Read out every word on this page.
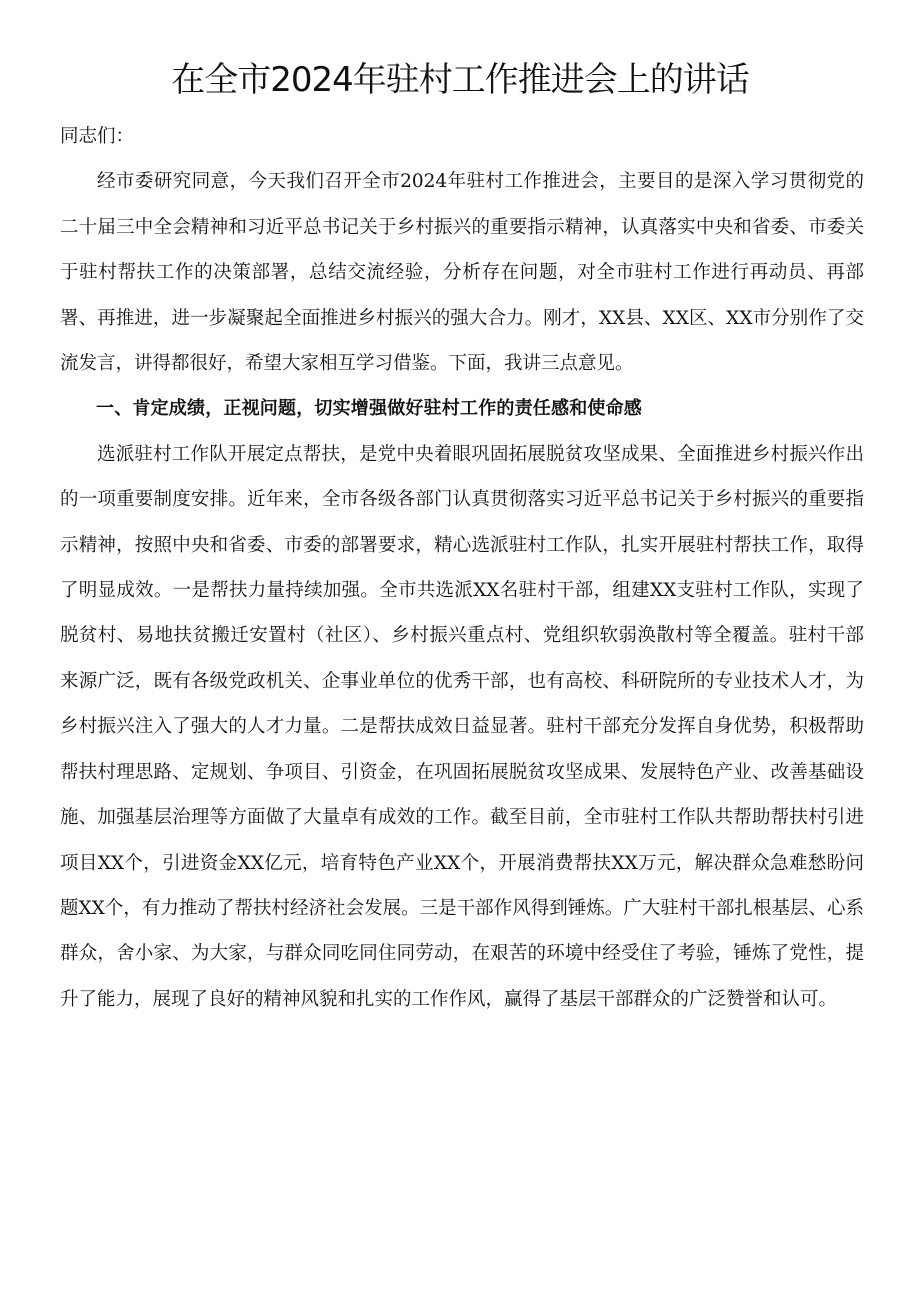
在全市2024年驻村工作推进会上的讲话

同志们：

经市委研究同意，今天我们召开全市2024年驻村工作推进会，主要目的是深入学习贯彻党的二十届三中全会精神和习近平总书记关于乡村振兴的重要指示精神，认真落实中央和省委、市委关于驻村帮扶工作的决策部署，总结交流经验，分析存在问题，对全市驻村工作进行再动员、再部署、再推进，进一步凝聚起全面推进乡村振兴的强大合力。刚才，XX县、XX区、XX市分别作了交流发言，讲得都很好，希望大家相互学习借鉴。下面，我讲三点意见。

一、肯定成绩，正视问题，切实增强做好驻村工作的责任感和使命感

选派驻村工作队开展定点帮扶，是党中央着眼巩固拓展脱贫攻坚成果、全面推进乡村振兴作出的一项重要制度安排。近年来，全市各级各部门认真贯彻落实习近平总书记关于乡村振兴的重要指示精神，按照中央和省委、市委的部署要求，精心选派驻村工作队，扎实开展驻村帮扶工作，取得了明显成效。一是帮扶力量持续加强。全市共选派XX名驻村干部，组建XX支驻村工作队，实现了脱贫村、易地扶贫搬迁安置村（社区）、乡村振兴重点村、党组织软弱涣散村等全覆盖。驻村干部来源广泛，既有各级党政机关、企事业单位的优秀干部，也有高校、科研院所的专业技术人才，为乡村振兴注入了强大的人才力量。二是帮扶成效日益显著。驻村干部充分发挥自身优势，积极帮助帮扶村理思路、定规划、争项目、引资金，在巩固拓展脱贫攻坚成果、发展特色产业、改善基础设施、加强基层治理等方面做了大量卓有成效的工作。截至目前，全市驻村工作队共帮助帮扶村引进项目XX个，引进资金XX亿元，培育特色产业XX个，开展消费帮扶XX万元，解决群众急难愁盼问题XX个，有力推动了帮扶村经济社会发展。三是干部作风得到锤炼。广大驻村干部扎根基层、心系群众，舍小家、为大家，与群众同吃同住同劳动，在艰苦的环境中经受住了考验，锤炼了党性，提升了能力，展现了良好的精神风貌和扎实的工作作风，赢得了基层干部群众的广泛赞誉和认可。
